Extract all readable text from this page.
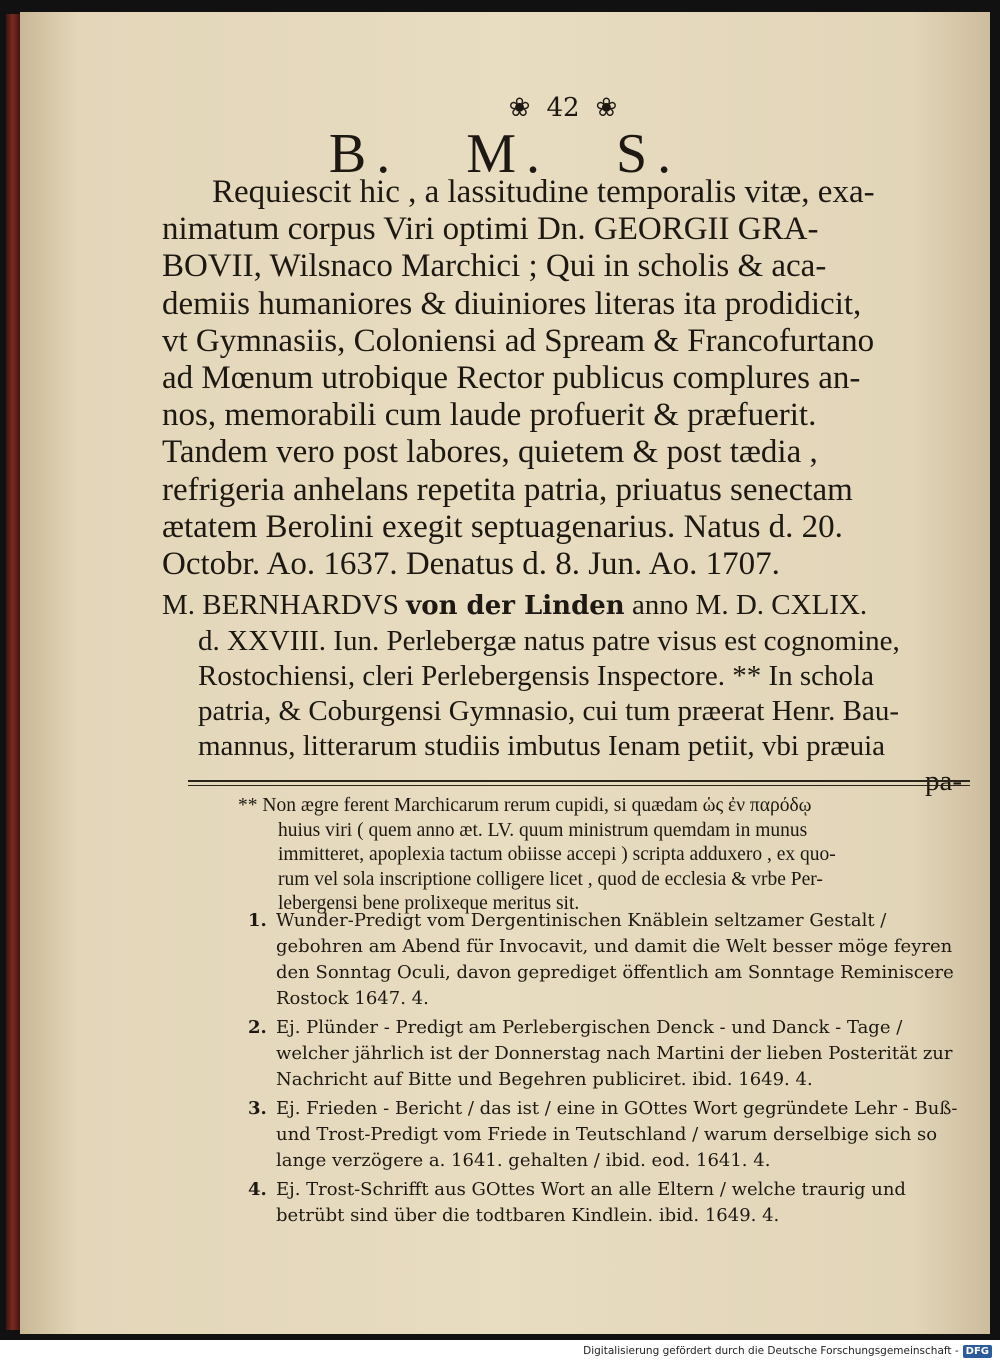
❀ 42 ❀
B. M. S.

Requiescit hic , a lassitudine temporalis vitæ, exa-

nimatum corpus Viri optimi Dn. GEORGII GRA-

BOVII, Wilsnaco Marchici ; Qui in scholis & aca-

demiis humaniores & diuiniores literas ita prodidicit,

vt Gymnasiis, Coloniensi ad Spream & Francofurtano

ad Mœnum utrobique Rector publicus complures an-

nos, memorabili cum laude profuerit & præfuerit.

Tandem vero post labores, quietem & post tædia ,

refrigeria anhelans repetita patria, priuatus senectam

ætatem Berolini exegit septuagenarius. Natus d. 20.

Octobr. Ao. 1637. Denatus d. 8. Jun. Ao. 1707.

M. BERNHARDVS von der Linden anno M. D. CXLIX.
d. XXVIII. Iun. Perlebergæ natus patre visus est cognomine,
Rostochiensi, cleri Perlebergensis Inspectore. ** In schola
patria, & Coburgensi Gymnasio, cui tum præerat Henr. Bau-
mannus, litterarum studiis imbutus Ienam petiit, vbi præuia
pa-
** Non ægre ferent Marchicarum rerum cupidi, si quædam ὡς ἐν παρόδῳ
huius viri ( quem anno æt. LV. quum ministrum quemdam in munus
immitteret, apoplexia tactum obiisse accepi ) scripta adduxero , ex quo-
rum vel sola inscriptione colligere licet , quod de ecclesia & vrbe Per-
lebergensi bene prolixeque meritus sit.
1. Wunder-Predigt vom Dergentinischen Knäblein seltzamer Gestalt / gebohren am Abend für Invocavit, und damit die Welt besser möge feyren den Sonntag Oculi, davon geprediget öffentlich am Sonntage Reminiscere Rostock 1647. 4.
2. Ej. Plünder - Predigt am Perlebergischen Denck - und Danck - Tage / welcher jährlich ist der Donnerstag nach Martini der lieben Posterität zur Nachricht auf Bitte und Begehren publiciret. ibid. 1649. 4.
3. Ej. Frieden - Bericht / das ist / eine in GOttes Wort gegründete Lehr - Buß- und Trost-Predigt vom Friede in Teutschland / warum derselbige sich so lange verzögere a. 1641. gehalten / ibid. eod. 1641. 4.
4. Ej. Trost-Schrifft aus GOttes Wort an alle Eltern / welche traurig und betrübt sind über die todtbaren Kindlein. ibid. 1649. 4.
Digitalisierung gefördert durch die Deutsche Forschungsgemeinschaft - DFG
